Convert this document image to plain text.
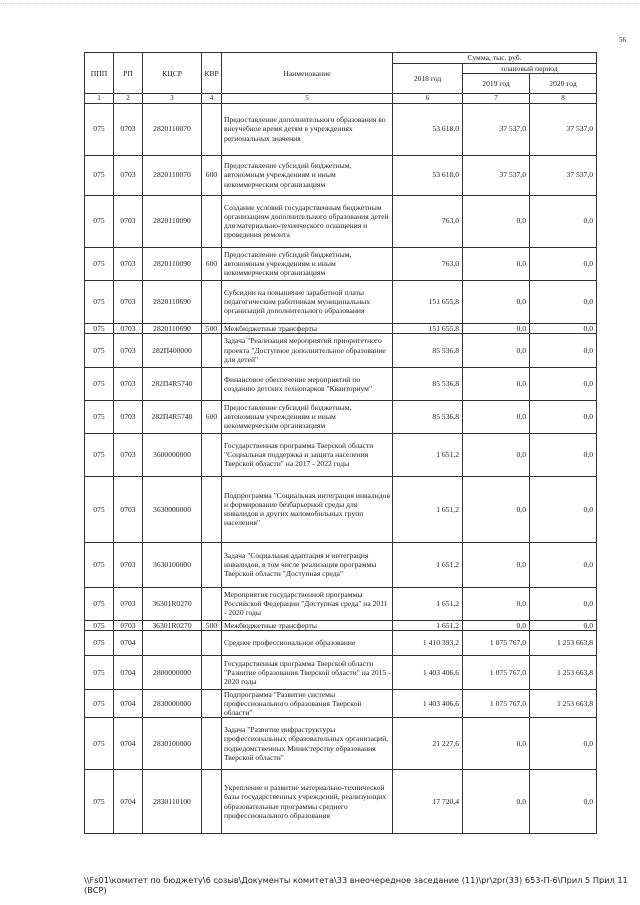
56
ППП	РП	КЦСР	КВР	Наименование	Сумма, тыс. руб.		
					2018 год	плановый период	
						2019 год	2020 год
1	2	3	4	5	6	7	8
075	0703	2820110070		Предоставление дополнительного образования во внеучебное время детям в учреждениях региональных значения	53 618,0	37 537,0	37 537,0
075	0703	2820110070	600	Предоставление субсидий бюджетным, автономным учреждениям и иным некоммерческим организациям	53 618,0	37 537,0	37 537,0
075	0703	2820110090		Создание условий государственным бюджетным организациям дополнительного образования детей для материально-технического оснащения и проведения ремонта	763,0	0,0	0,0
075	0703	2820110090	600	Предоставление субсидий бюджетным, автономным учреждениям и иным некоммерческим организациям	763,0	0,0	0,0
075	0703	2820110690		Субсидии на повышение заработной платы педагогическим работникам муниципальных организаций дополнительного образования	151 655,8	0,0	0,0
075	0703	2820110690	500	Межбюджетные трансферты	151 655,8	0,0	0,0
075	0703	282П400000		Задача "Реализация мероприятий приоритетного проекта "Доступное дополнительное образование для детей"	85 536,8	0,0	0,0
075	0703	282П4R5740		Финансовое обеспечение мероприятий по созданию детских технопарков "Кванториум"	85 536,8	0,0	0,0
075	0703	282П4R5740	600	Предоставление субсидий бюджетным, автономным учреждениям и иным некоммерческим организациям	85 536,8	0,0	0,0
075	0703	3600000000		Государственная программа Тверской области "Социальная поддержка и защита населения Тверской области" на 2017 - 2022 годы	1 651,2	0,0	0,0
075	0703	3630000000		Подпрограмма "Социальная интеграция инвалидов и формирование безбарьерной среды для инвалидов и других маломобильных групп населения"	1 651,2	0,0	0,0
075	0703	3630100000		Задача "Социальная адаптация и интеграция инвалидов, в том числе реализация программы Тверской области "Доступная среда"	1 651,2	0,0	0,0
075	0703	36301R0270		Мероприятия государственной программы Российской Федерации "Доступная среда" на 2011 - 2020 годы	1 651,2	0,0	0,0
075	0703	36301R0270	500	Межбюджетные трансферты	1 651,2	0,0	0,0
075	0704			Среднее профессиональное образование	1 410 393,2	1 075 767,0	1 253 663,8
075	0704	2800000000		Государственная программа Тверской области "Развитие образования Тверской области" на 2015 - 2020 годы	1 403 406,6	1 075 767,0	1 253 663,8
075	0704	2830000000		Подпрограмма "Развитие системы профессионального образования Тверской области"	1 403 406,6	1 075 767,0	1 253 663,8
075	0704	2830100000		Задача "Развитие инфраструктуры профессиональных образовательных организаций, подведомственных Министерству образования Тверской области"	21 227,6	0,0	0,0
075	0704	2830110100		Укрепление и развитие материально-технической базы государственных учреждений, реализующих образовательные программы среднего профессионального образования	17 720,4	0,0	0,0
\\Fs01\комитет по бюджету\6 созыв\Документы комитета\33 внеочередное заседание (11)\pr\zpr(33) 653-П-6\Прил 5 Прил 11 (ВСР)
